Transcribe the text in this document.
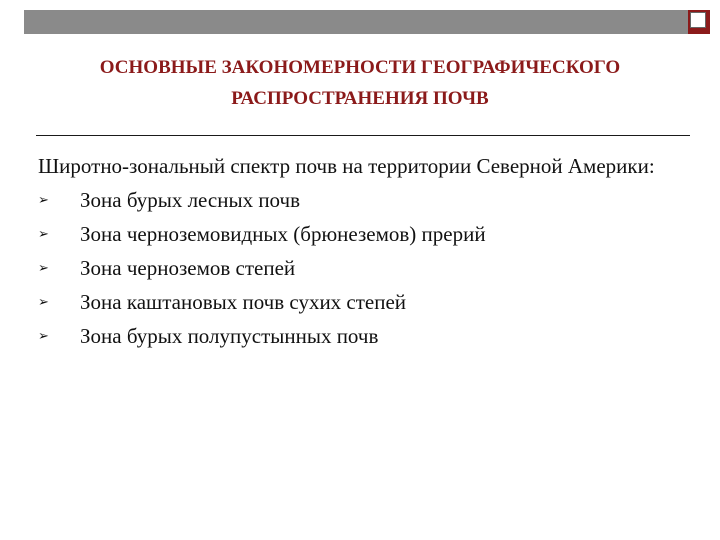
ОСНОВНЫЕ ЗАКОНОМЕРНОСТИ ГЕОГРАФИЧЕСКОГО
РАСПРОСТРАНЕНИЯ ПОЧВ

Широтно-зональный спектр почв на территории Северной Америки:

➢ Зона бурых лесных почв
➢ Зона черноземовидных (брюнеземов) прерий
➢ Зона черноземов степей
➢ Зона каштановых почв сухих степей
➢ Зона бурых полупустынных почв
